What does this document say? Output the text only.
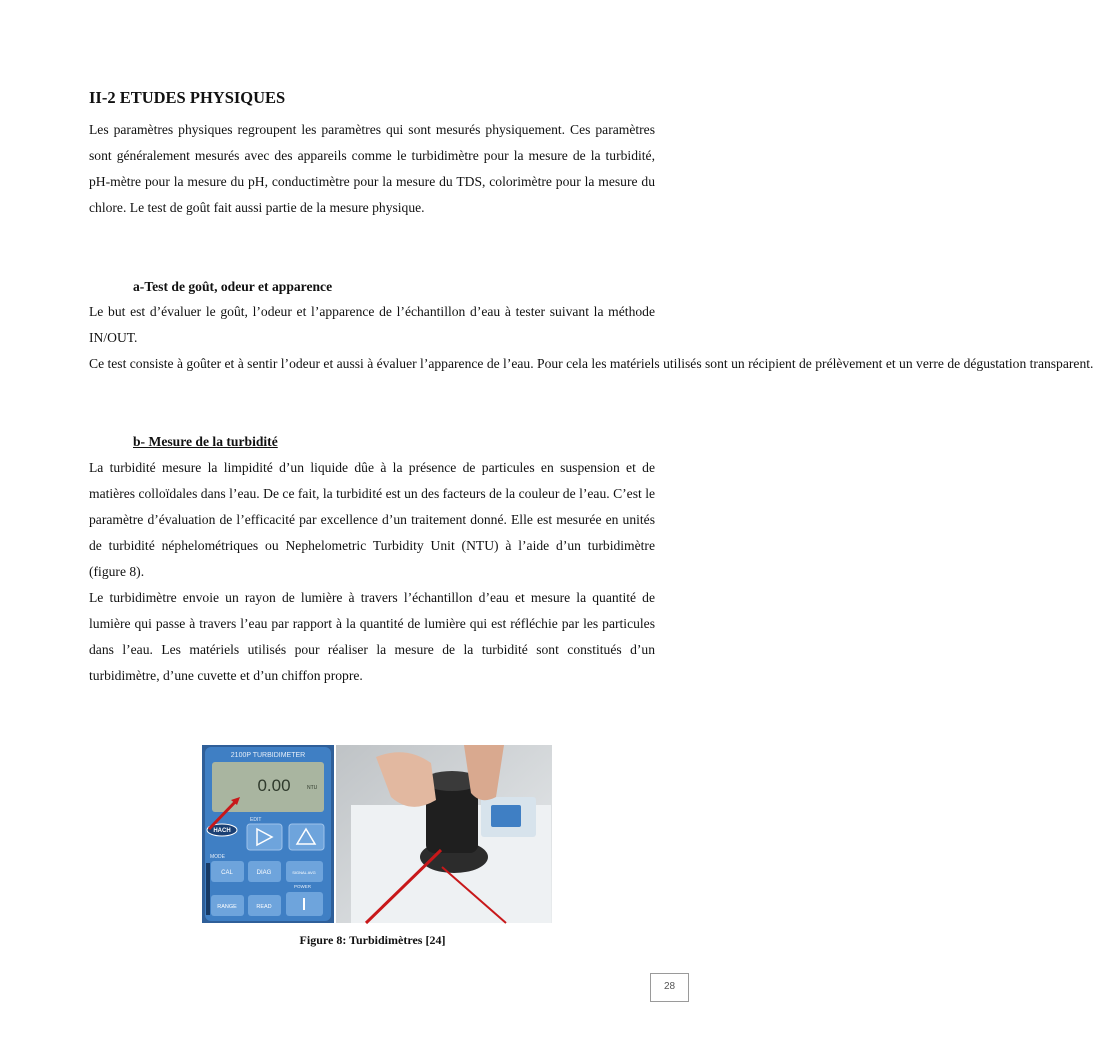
II-2 ETUDES PHYSIQUES

Les paramètres physiques regroupent les paramètres qui sont mesurés physiquement. Ces paramètres sont généralement mesurés avec des appareils comme le turbidimètre pour la mesure de la turbidité, pH-mètre pour la mesure du pH, conductimètre pour la mesure du TDS, colorimètre pour la mesure du chlore. Le test de goût fait aussi partie de la mesure physique.

a-Test de goût, odeur et apparence

Le but est d’évaluer le goût, l’odeur et l’apparence de l’échantillon d’eau à tester suivant la méthode IN/OUT.

Ce test consiste à goûter et à sentir l’odeur et aussi à évaluer l’apparence de l’eau. Pour cela les matériels utilisés sont un récipient de prélèvement et un verre de dégustation transparent.

b- Mesure de la turbidité

La turbidité mesure la limpidité d’un liquide dûe à la présence de particules en suspension et de matières colloïdales dans l’eau. De ce fait, la turbidité est un des facteurs de la couleur de l’eau. C’est le paramètre d’évaluation de l’efficacité par excellence d’un traitement donné. Elle est mesurée en unités de turbidité néphelométriques ou Nephelometric Turbidity Unit (NTU) à l’aide d’un turbidimètre (figure 8).

Le turbidimètre envoie un rayon de lumière à travers l’échantillon d’eau et mesure la quantité de lumière qui passe à travers l’eau par rapport à la quantité de lumière qui est réfléchie par les particules dans l’eau. Les matériels utilisés pour réaliser la mesure de la turbidité sont constitués d’un turbidimètre, d’une cuvette et d’un chiffon propre.

2100P TURBIDIMETER
0.00	NTU
HACH
EDIT
MODE
CAL	DIAG	SIGNAL AVG
POWER
RANGE	READ

Figure 8: Turbidimètres [24]

28
